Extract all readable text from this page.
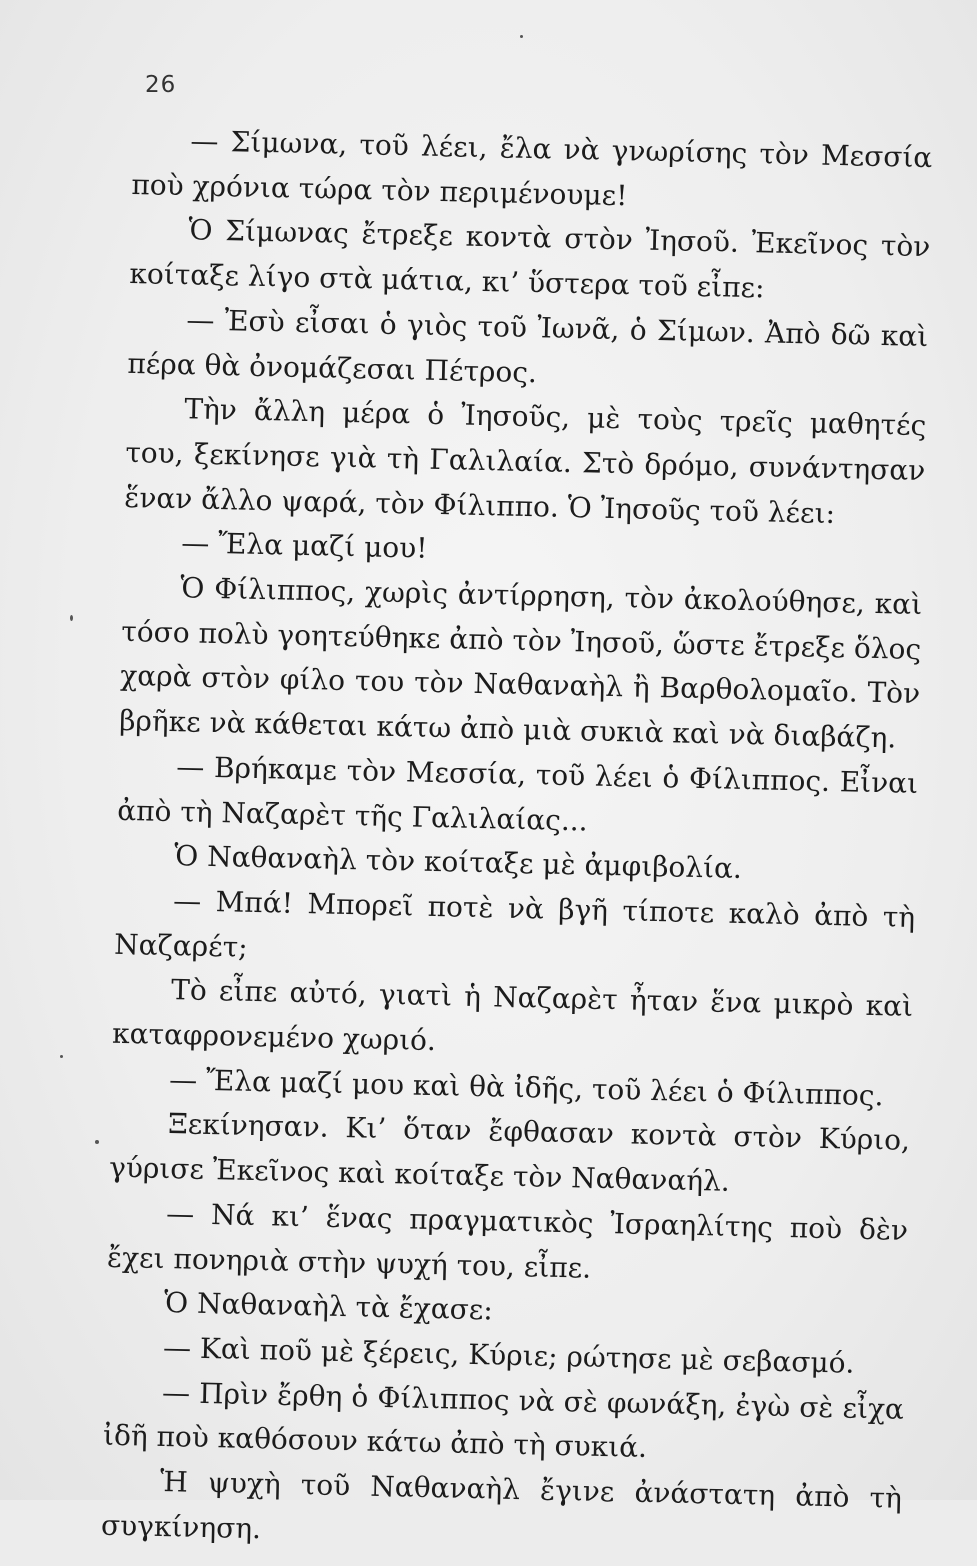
26

— Σίμωνα, τοῦ λέει, ἔλα νὰ γνωρίσης τὸν Μεσσία ποὺ χρόνια τώρα τὸν περιμένουμε!

Ὁ Σίμωνας ἔτρεξε κοντὰ στὸν Ἰησοῦ. Ἐκεῖνος τὸν κοίταξε λίγο στὰ μάτια, κι’ ὕστερα τοῦ εἶπε:

— Ἐσὺ εἶσαι ὁ γιὸς τοῦ Ἰωνᾶ, ὁ Σίμων. Ἀπὸ δῶ καὶ πέρα θὰ ὀνομάζεσαι Πέτρος.

Τὴν ἄλλη μέρα ὁ Ἰησοῦς, μὲ τοὺς τρεῖς μαθητές του, ξεκίνησε γιὰ τὴ Γαλιλαία. Στὸ δρόμο, συνάντησαν ἕναν ἄλλο ψαρά, τὸν Φίλιππο. Ὁ Ἰησοῦς τοῦ λέει:

— Ἔλα μαζί μου!

Ὁ Φίλιππος, χωρὶς ἀντίρρηση, τὸν ἀκολούθησε, καὶ τόσο πολὺ γοητεύθηκε ἀπὸ τὸν Ἰησοῦ, ὥστε ἔτρεξε ὅλος χαρὰ στὸν φίλο του τὸν Ναθαναὴλ ἢ Βαρθολομαῖο. Τὸν βρῆκε νὰ κάθεται κάτω ἀπὸ μιὰ συκιὰ καὶ νὰ διαβάζη.

— Βρήκαμε τὸν Μεσσία, τοῦ λέει ὁ Φίλιππος. Εἶναι ἀπὸ τὴ Ναζαρὲτ τῆς Γαλιλαίας...

Ὁ Ναθαναὴλ τὸν κοίταξε μὲ ἀμφιβολία.

— Μπά! Μπορεῖ ποτὲ νὰ βγῆ τίποτε καλὸ ἀπὸ τὴ Ναζαρέτ;

Τὸ εἶπε αὐτό, γιατὶ ἡ Ναζαρὲτ ἦταν ἕνα μικρὸ καὶ καταφρονεμένο χωριό.

— Ἔλα μαζί μου καὶ θὰ ἰδῆς, τοῦ λέει ὁ Φίλιππος.

Ξεκίνησαν. Κι’ ὅταν ἔφθασαν κοντὰ στὸν Κύριο, γύρισε Ἐκεῖνος καὶ κοίταξε τὸν Ναθαναήλ.

— Νά κι’ ἕνας πραγματικὸς Ἰσραηλίτης ποὺ δὲν ἔχει πονηριὰ στὴν ψυχή του, εἶπε.

Ὁ Ναθαναὴλ τὰ ἔχασε:

— Καὶ ποῦ μὲ ξέρεις, Κύριε; ρώτησε μὲ σεβασμό.

— Πρὶν ἔρθη ὁ Φίλιππος νὰ σὲ φωνάξη, ἐγὼ σὲ εἶχα ἰδῆ ποὺ καθόσουν κάτω ἀπὸ τὴ συκιά.

Ἡ ψυχὴ τοῦ Ναθαναὴλ ἔγινε ἀνάστατη ἀπὸ τὴ συγκίνηση.
